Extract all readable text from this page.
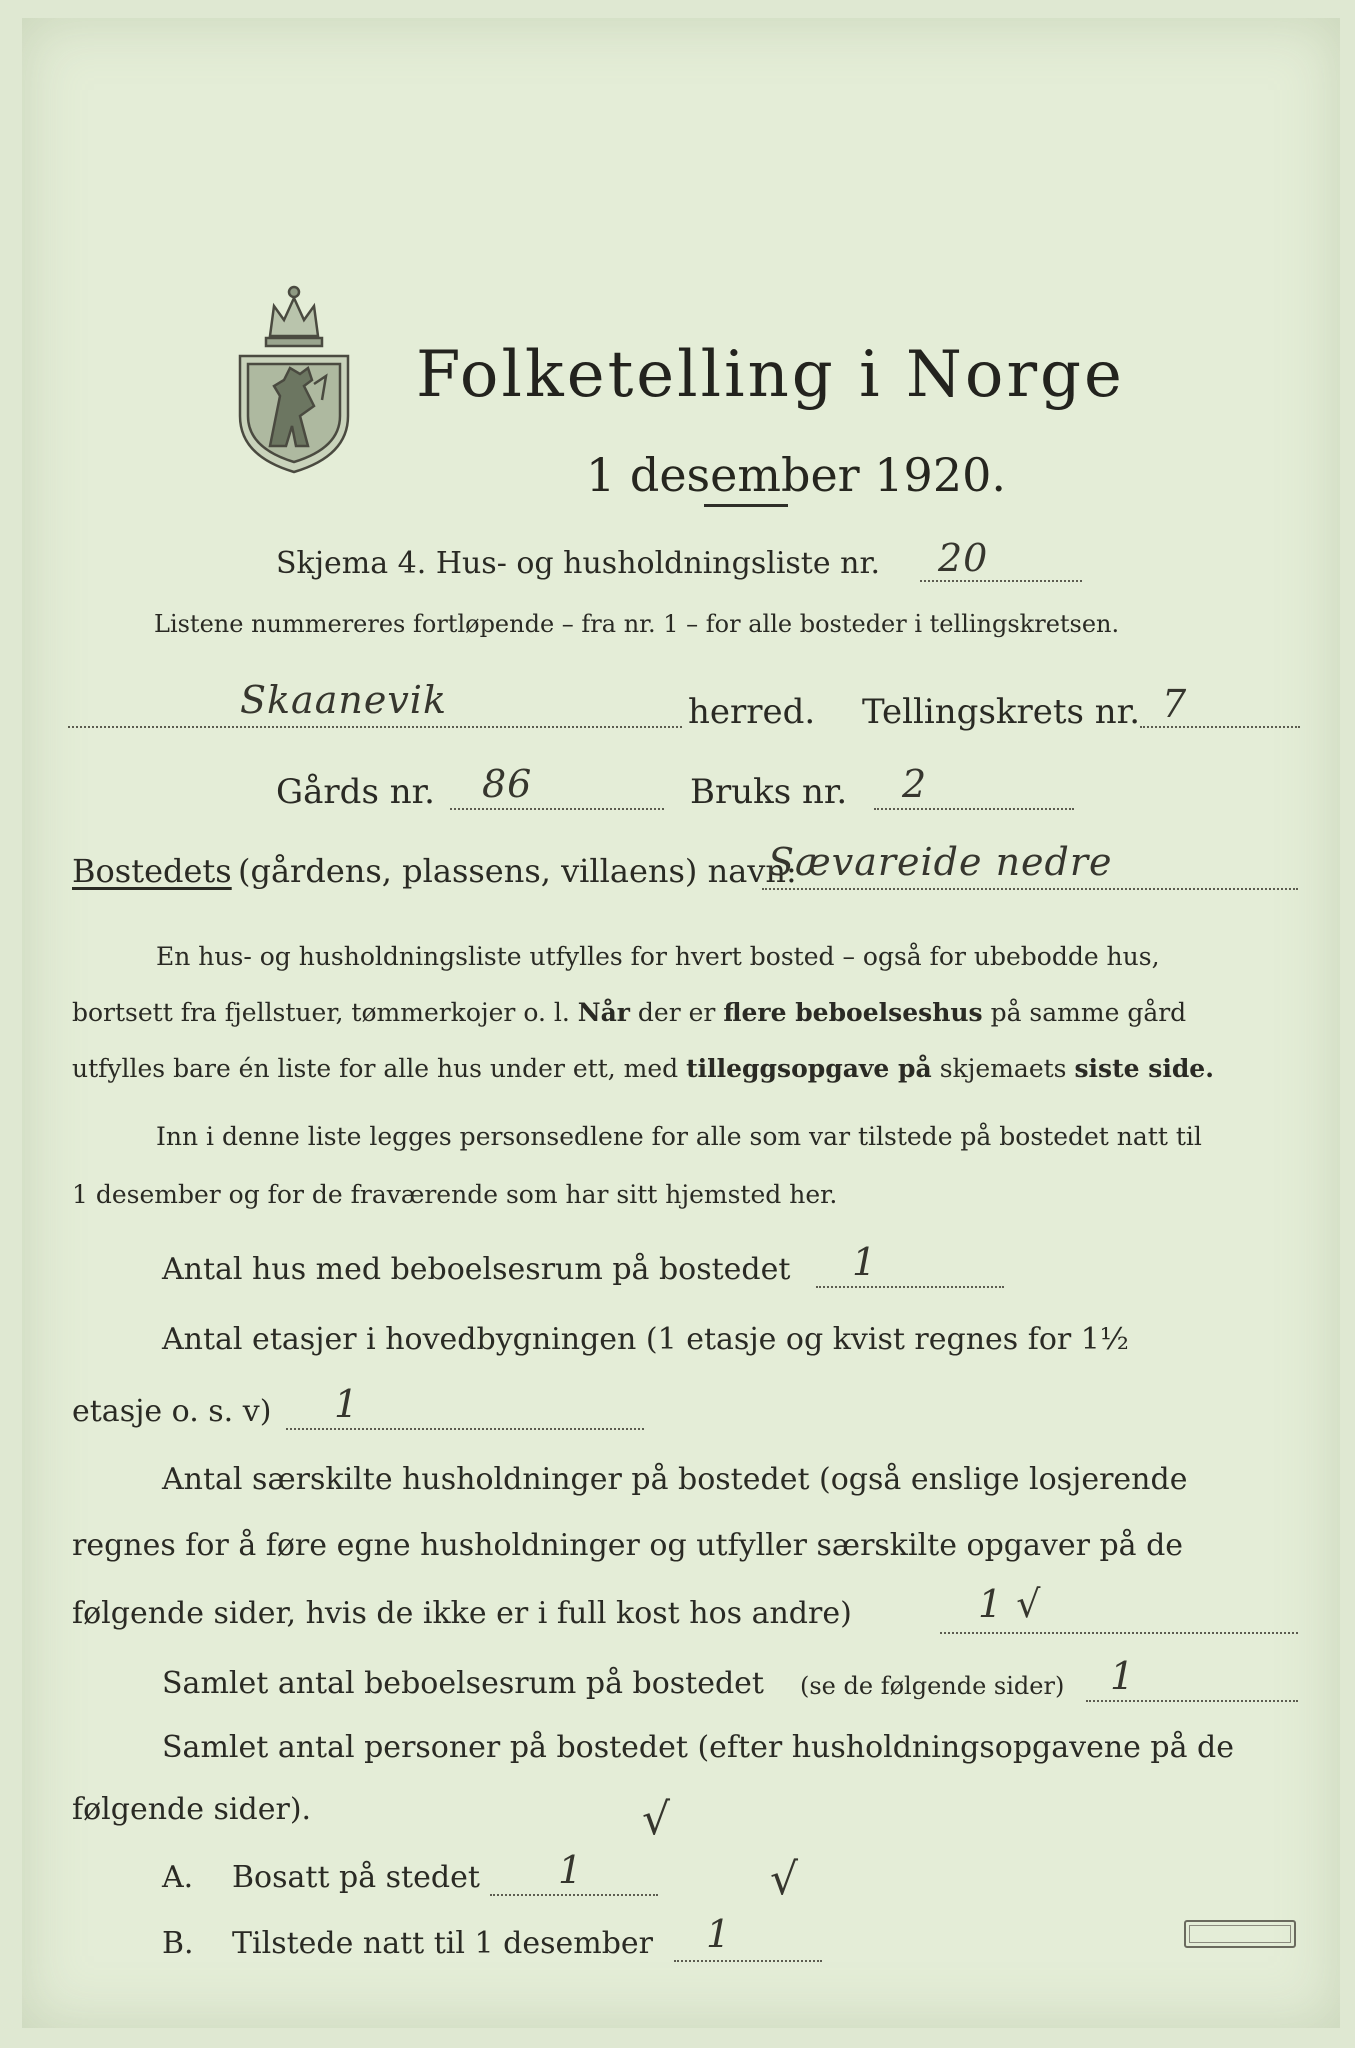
Folketelling i Norge
1 desember 1920.
Skjema 4. Hus- og husholdningsliste nr. 20
Listene nummereres fortløpende – fra nr. 1 – for alle bosteder i tellingskretsen.
Skaanevik	herred. Tellingskrets nr. 7
Gårds nr. 86	Bruks nr. 2
Bostedets (gårdens, plassens, villaens) navn:
Sævareide nedre
En hus- og husholdningsliste utfylles for hvert bosted – også for ubebodde hus,
bortsett fra fjellstuer, tømmerkojer o. l. Når der er flere beboelseshus på samme gård
utfylles bare én liste for alle hus under ett, med tilleggsopgave på skjemaets siste side.
Inn i denne liste legges personsedlene for alle som var tilstede på bostedet natt til
1 desember og for de fraværende som har sitt hjemsted her.
Antal hus med beboelsesrum på bostedet 1
Antal etasjer i hovedbygningen (1 etasje og kvist regnes for 1½
etasje o. s. v) 1
Antal særskilte husholdninger på bostedet (også enslige losjerende
regnes for å føre egne husholdninger og utfyller særskilte opgaver på de
følgende sider, hvis de ikke er i full kost hos andre)	1 √
Samlet antal beboelsesrum på bostedet (se de følgende sider) 1
Samlet antal personer på bostedet (efter husholdningsopgavene på de
følgende sider).
A. Bosatt på stedet 1
√
B. Tilstede natt til 1 desember 1
√
